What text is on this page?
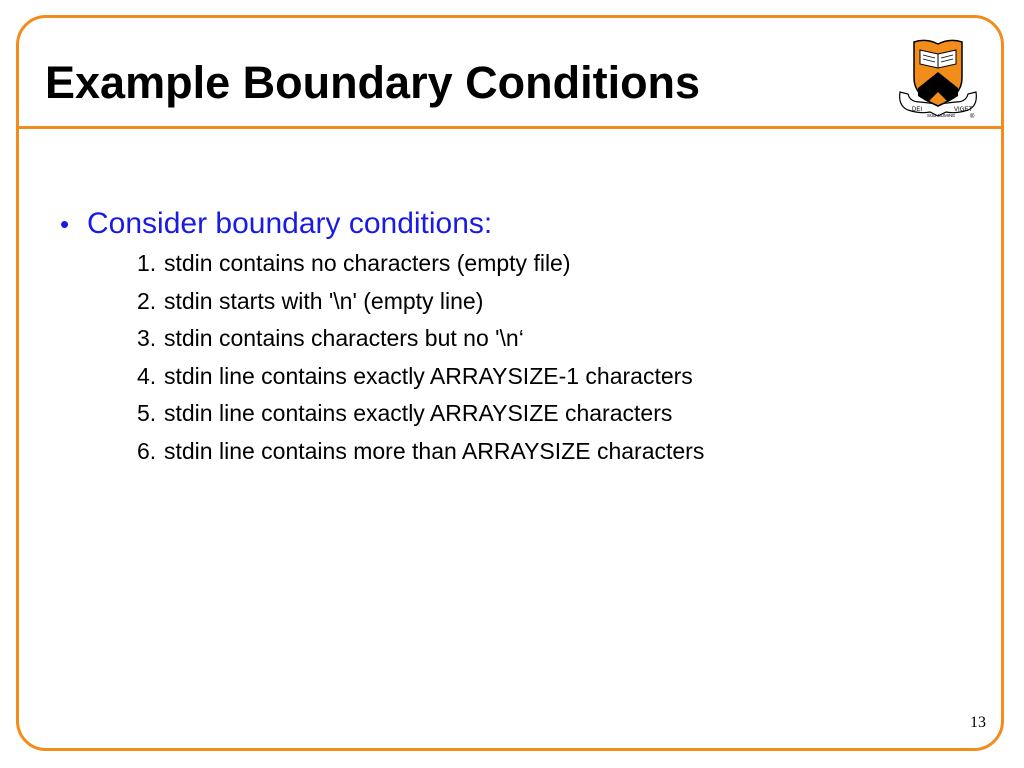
Example Boundary Conditions
DEI
SUB NUMINE
VIGET
®
• Consider boundary conditions:
1. stdin contains no characters (empty file)
2. stdin starts with '\n' (empty line)
3. stdin contains characters but no '\n‘
4. stdin line contains exactly ARRAYSIZE-1 characters
5. stdin line contains exactly ARRAYSIZE characters
6. stdin line contains more than ARRAYSIZE characters
13
